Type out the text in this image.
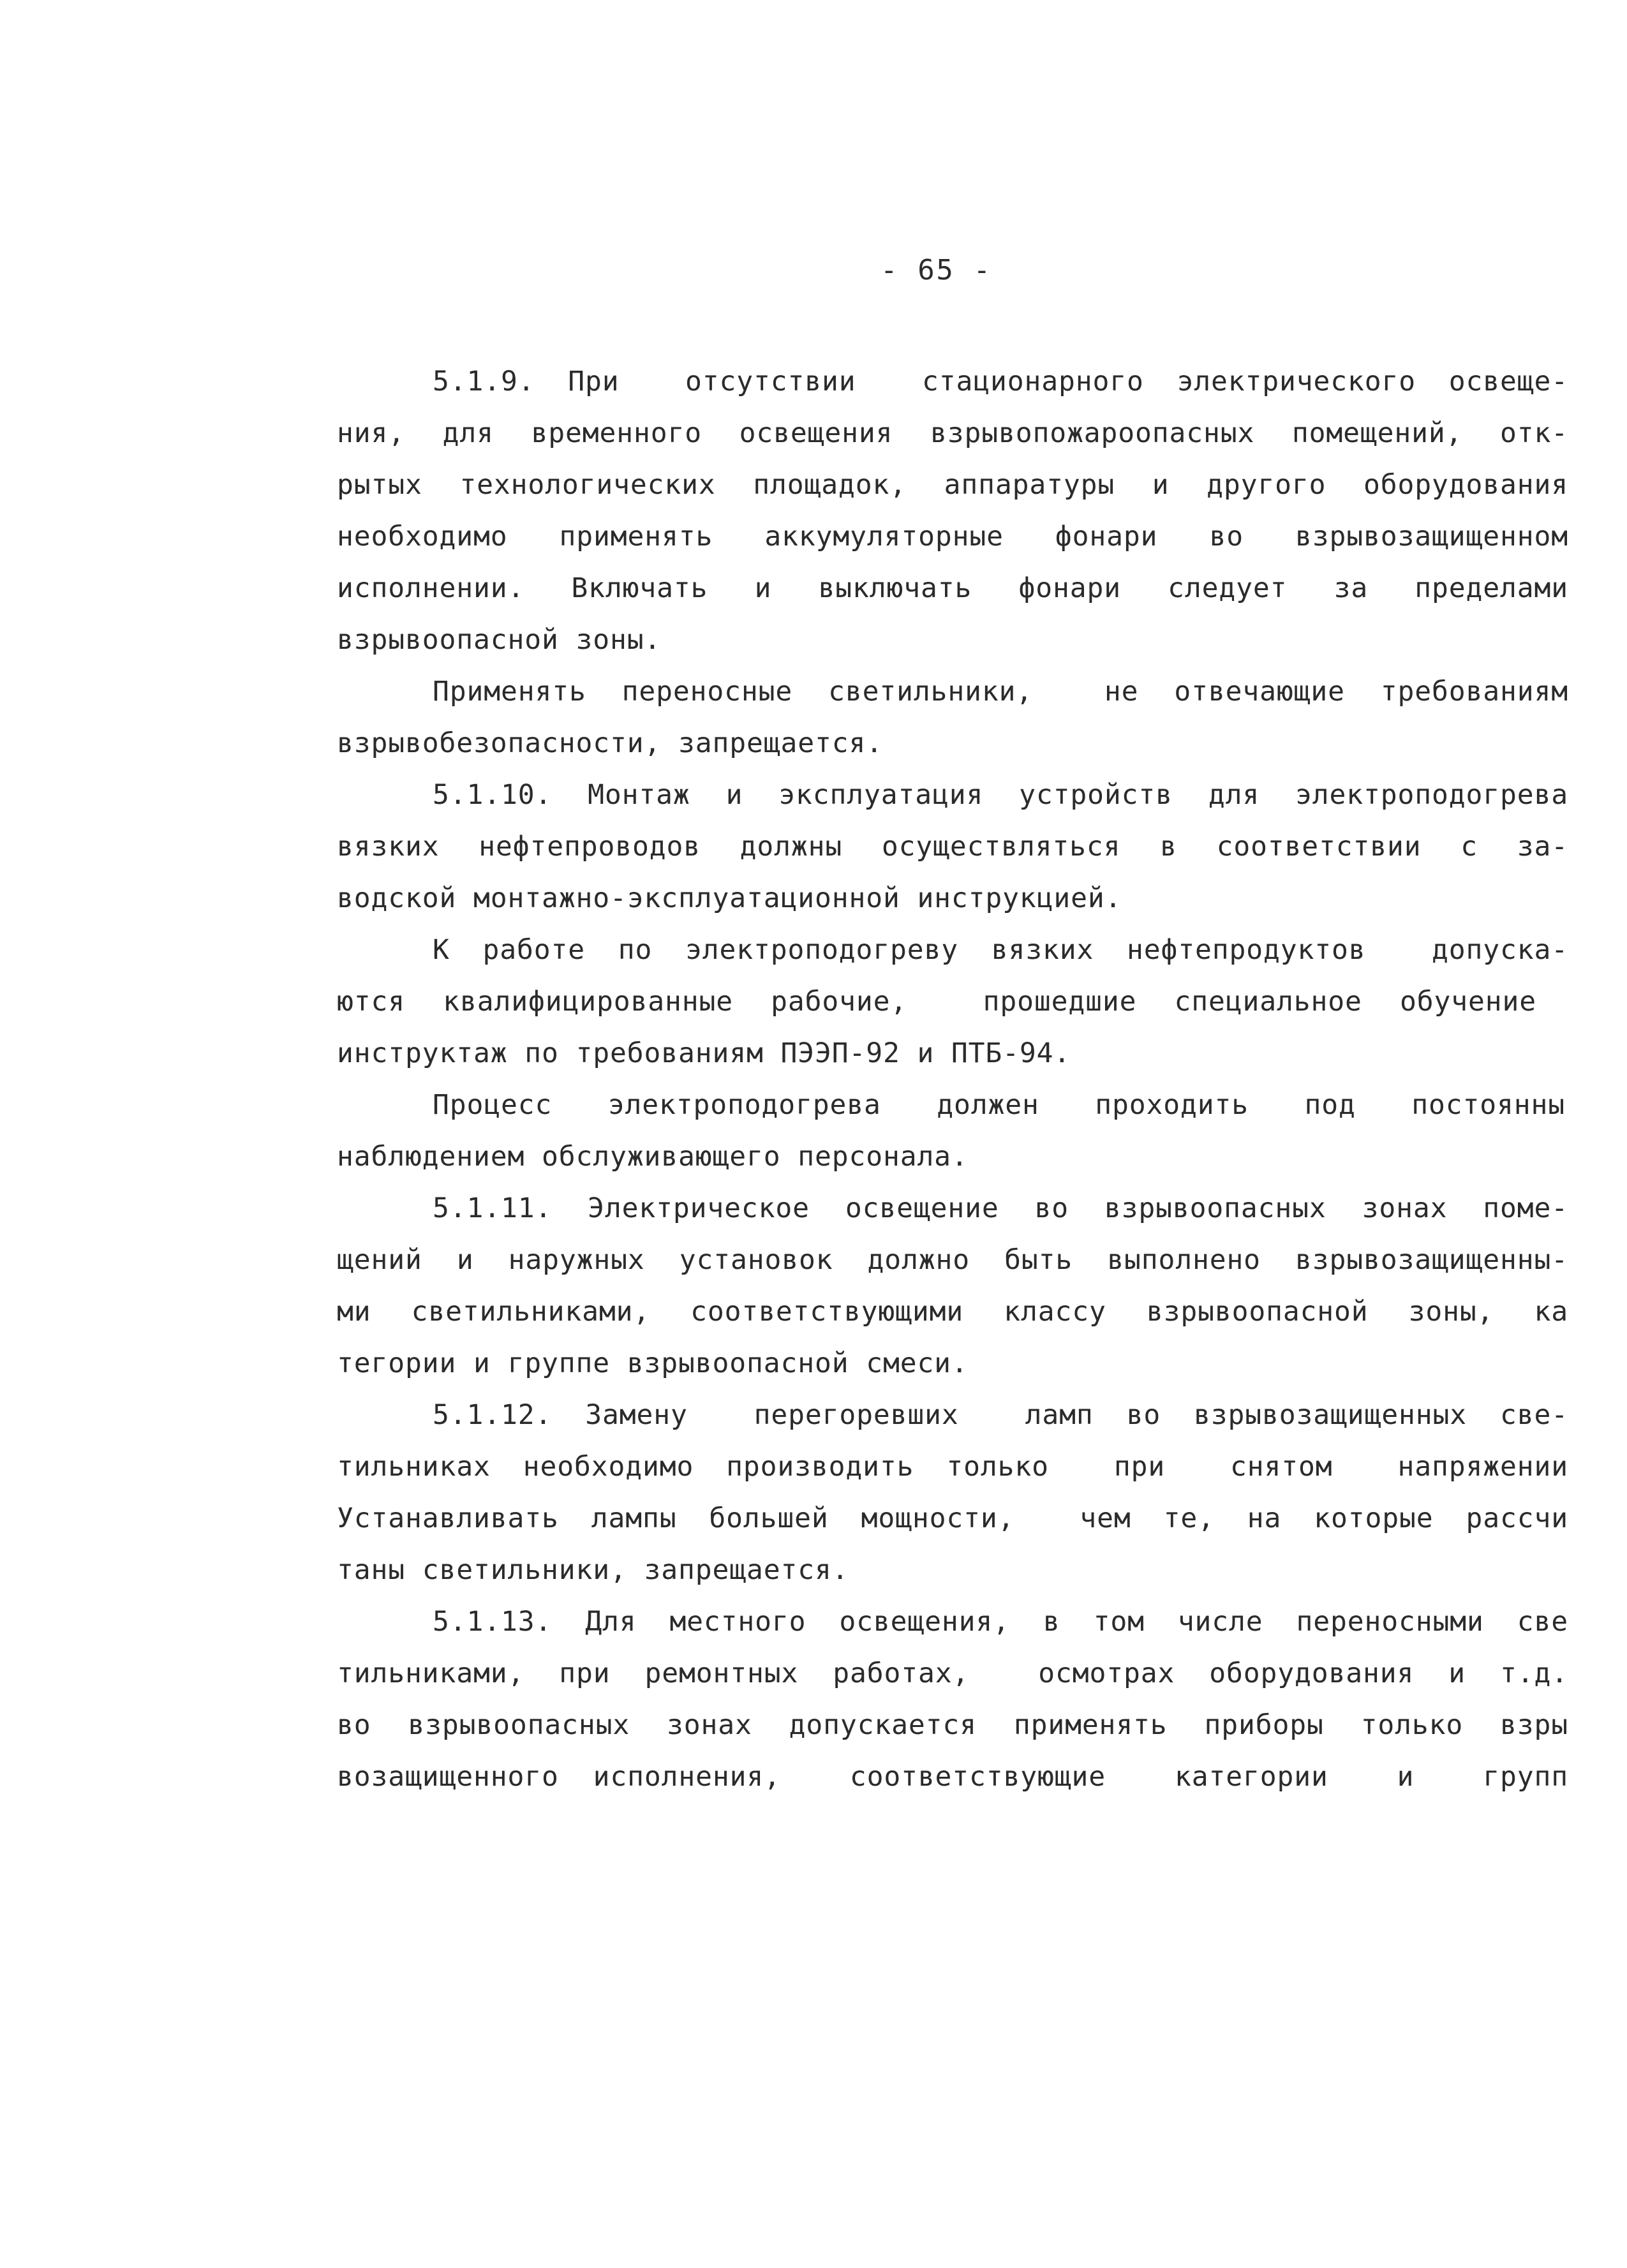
- 65 -
5.1.9. При  отсутствии  стационарного электрического освеще-
ния, для временного освещения взрывопожароопасных помещений, отк-
рытых технологических площадок, аппаратуры и другого оборудования
необходимо применять аккумуляторные фонари во взрывозащищенном
исполнении. Включать и выключать фонари следует за пределами
взрывоопасной зоны.
Применять переносные светильники,  не отвечающие требованиям
взрывобезопасности, запрещается.
5.1.10. Монтаж и эксплуатация устройств для электроподогрева
вязких нефтепроводов должны осуществляться в соответствии с за-
водской монтажно-эксплуатационной инструкцией.
К работе по электроподогреву вязких нефтепродуктов  допуска-
ются квалифицированные рабочие,  прошедшие специальное обучение
инструктаж по требованиям ПЭЭП-92 и ПТБ-94.
Процесс электроподогрева должен проходить под постоянны
наблюдением обслуживающего персонала.
5.1.11. Электрическое освещение во взрывоопасных зонах поме-
щений и наружных установок должно быть выполнено взрывозащищенны-
ми светильниками, соответствующими классу взрывоопасной зоны, ка
тегории и группе взрывоопасной смеси.
5.1.12. Замену  перегоревших  ламп во взрывозащищенных све-
тильниках необходимо производить только  при  снятом  напряжении
Устанавливать лампы большей мощности,  чем те, на которые рассчи
таны светильники, запрещается.
5.1.13. Для местного освещения, в том числе переносными све
тильниками, при ремонтных работах,  осмотрах оборудования и т.д.
во взрывоопасных зонах допускается применять приборы только взры
возащищенного исполнения,  соответствующие  категории  и  групп
